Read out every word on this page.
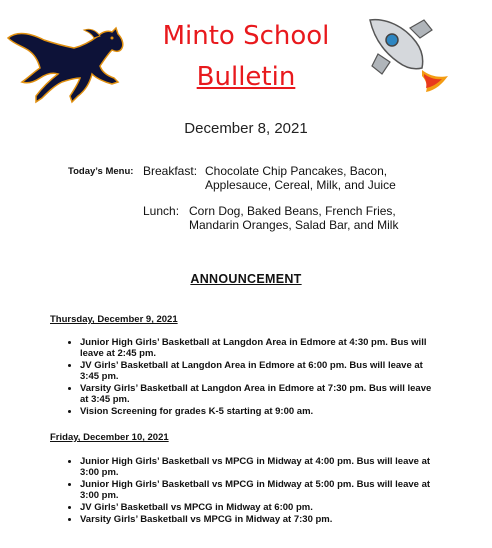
Minto School
Bulletin
December 8, 2021
Today’s Menu: Breakfast: Chocolate Chip Pancakes, Bacon,
Applesauce, Cereal, Milk, and Juice
Lunch: Corn Dog, Baked Beans, French Fries,
Mandarin Oranges, Salad Bar, and Milk
ANNOUNCEMENT
Thursday, December 9, 2021
• Junior High Girls’ Basketball at Langdon Area in Edmore at 4:30 pm. Bus will leave at 2:45 pm.
• JV Girls’ Basketball at Langdon Area in Edmore at 6:00 pm. Bus will leave at 3:45 pm.
• Varsity Girls’ Basketball at Langdon Area in Edmore at 7:30 pm. Bus will leave at 3:45 pm.
• Vision Screening for grades K-5 starting at 9:00 am.
Friday, December 10, 2021
• Junior High Girls’ Basketball vs MPCG in Midway at 4:00 pm. Bus will leave at 3:00 pm.
• Junior High Girls’ Basketball vs MPCG in Midway at 5:00 pm. Bus will leave at 3:00 pm.
• JV Girls’ Basketball vs MPCG in Midway at 6:00 pm.
• Varsity Girls’ Basketball vs MPCG in Midway at 7:30 pm.
